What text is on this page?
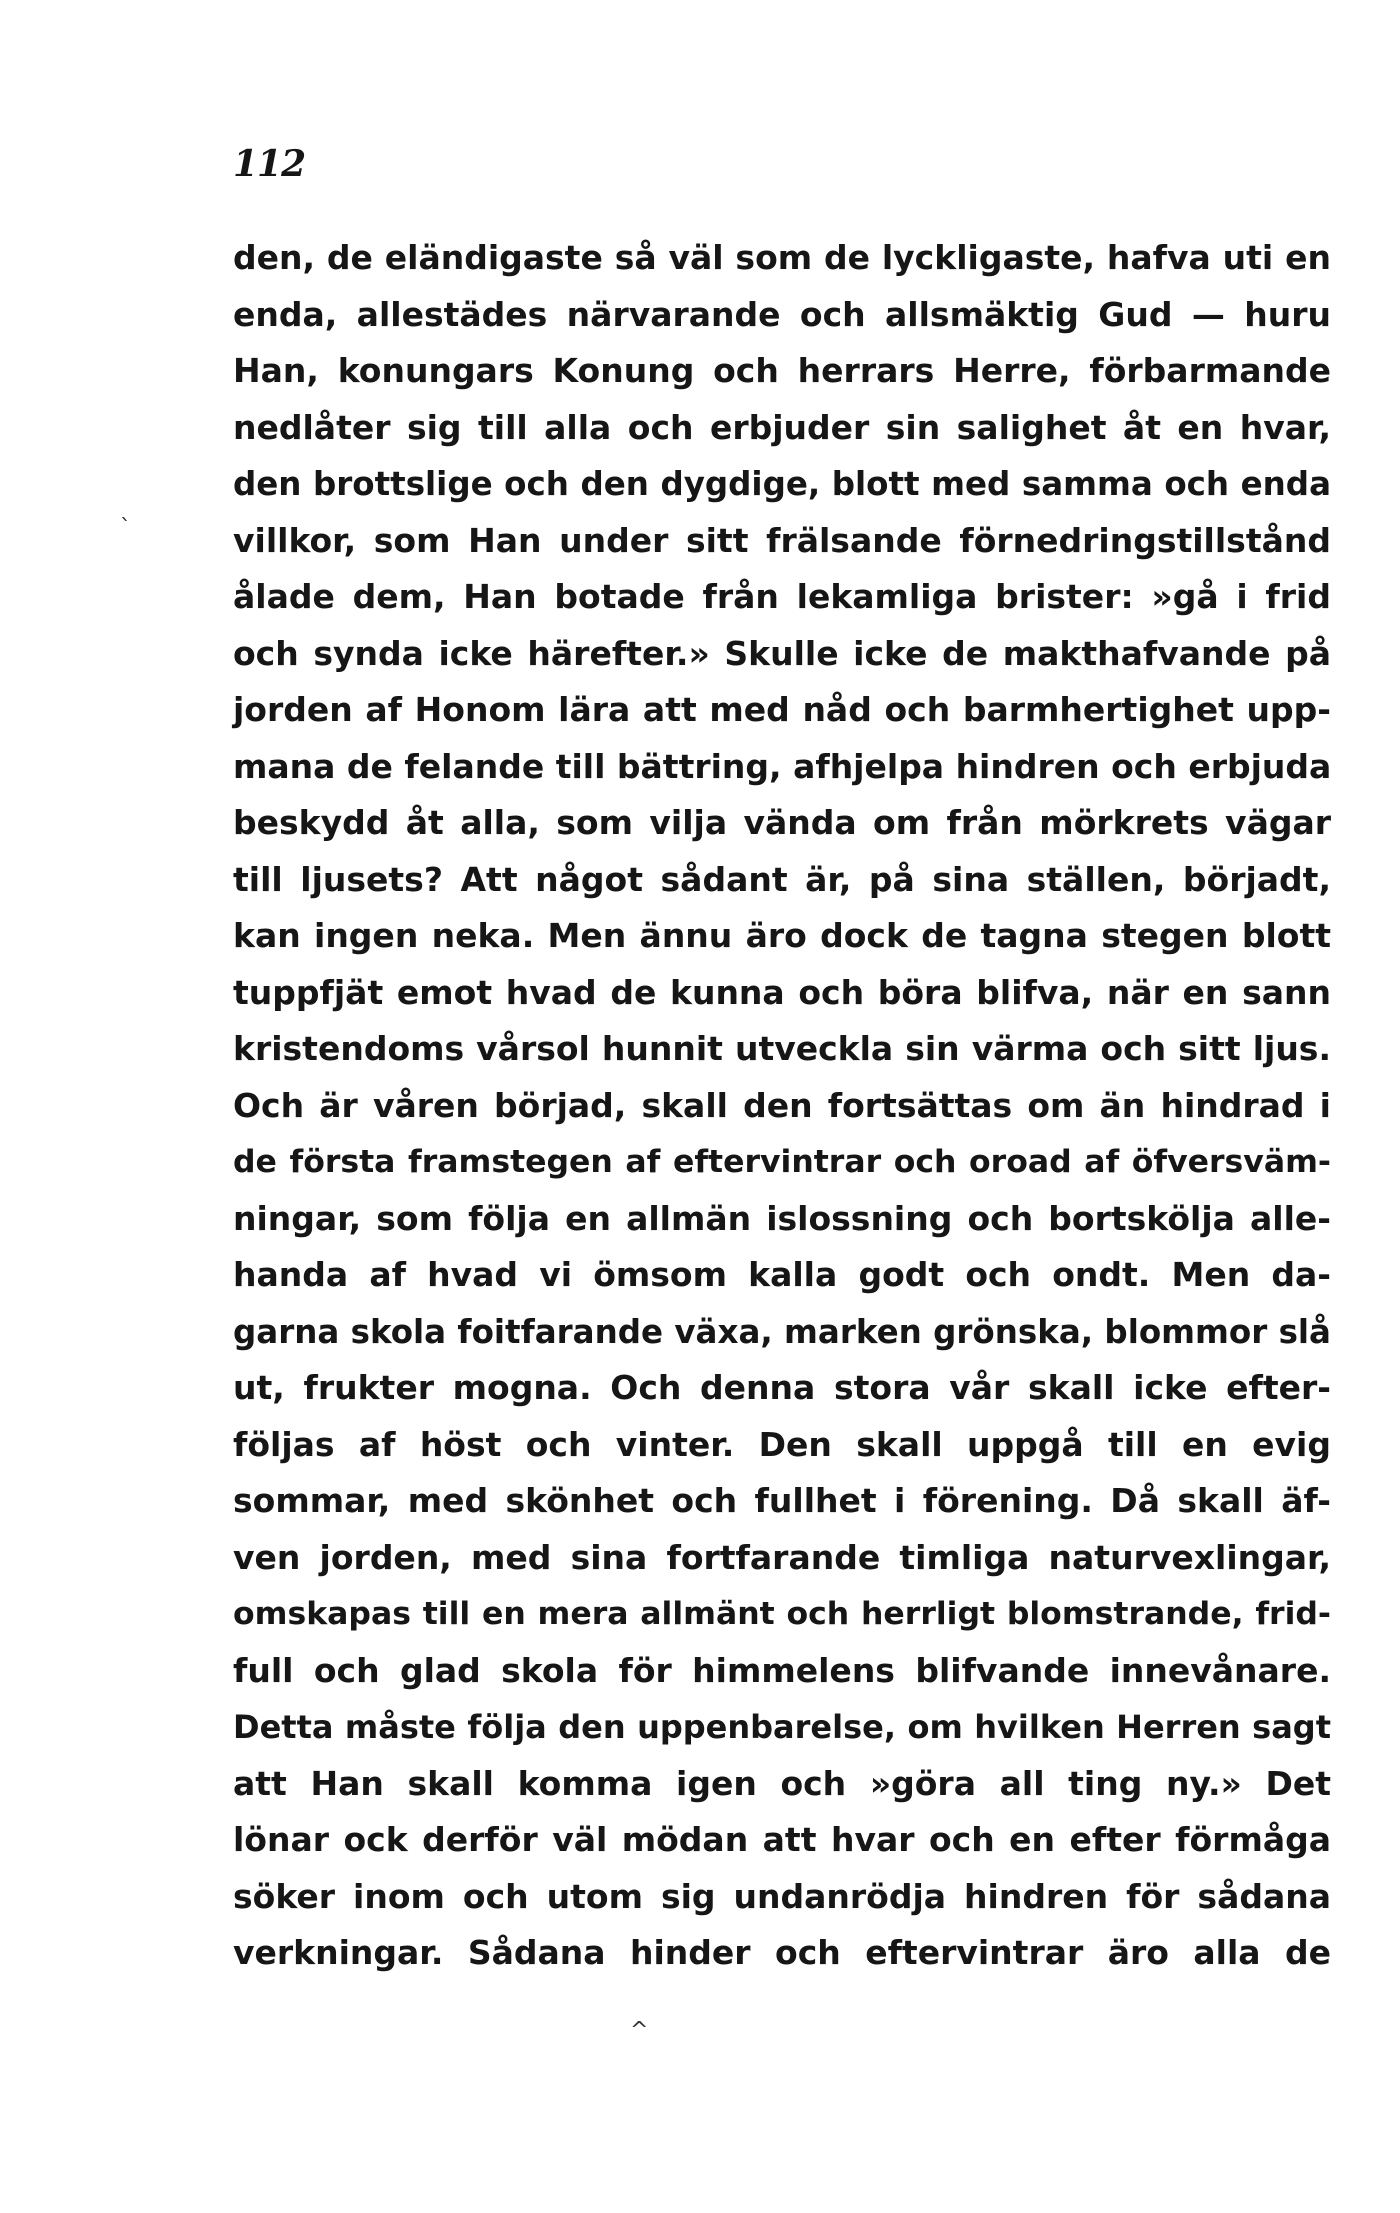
112
den, de eländigaste så väl som de lyckligaste, hafva uti en
enda, allestädes närvarande och allsmäktig Gud — huru
Han, konungars Konung och herrars Herre, förbarmande
nedlåter sig till alla och erbjuder sin salighet åt en hvar,
den brottslige och den dygdige, blott med samma och enda
villkor, som Han under sitt frälsande förnedringstillstånd
ålade dem, Han botade från lekamliga brister: »gå i frid
och synda icke härefter.» Skulle icke de makthafvande på
jorden af Honom lära att med nåd och barmhertighet upp-
mana de felande till bättring, afhjelpa hindren och erbjuda
beskydd åt alla, som vilja vända om från mörkrets vägar
till ljusets? Att något sådant är, på sina ställen, börjadt,
kan ingen neka. Men ännu äro dock de tagna stegen blott
tuppfjät emot hvad de kunna och böra blifva, när en sann
kristendoms vårsol hunnit utveckla sin värma och sitt ljus.
Och är våren börjad, skall den fortsättas om än hindrad i
de första framstegen af eftervintrar och oroad af öfversväm-
ningar, som följa en allmän islossning och bortskölja alle-
handa af hvad vi ömsom kalla godt och ondt. Men da-
garna skola foitfarande växa, marken grönska, blommor slå
ut, frukter mogna. Och denna stora vår skall icke efter-
följas af höst och vinter. Den skall uppgå till en evig
sommar, med skönhet och fullhet i förening. Då skall äf-
ven jorden, med sina fortfarande timliga naturvexlingar,
omskapas till en mera allmänt och herrligt blomstrande, frid-
full och glad skola för himmelens blifvande innevånare.
Detta måste följa den uppenbarelse, om hvilken Herren sagt
att Han skall komma igen och »göra all ting ny.» Det
lönar ock derför väl mödan att hvar och en efter förmåga
söker inom och utom sig undanrödja hindren för sådana
verkningar. Sådana hinder och eftervintrar äro alla de
`
^
